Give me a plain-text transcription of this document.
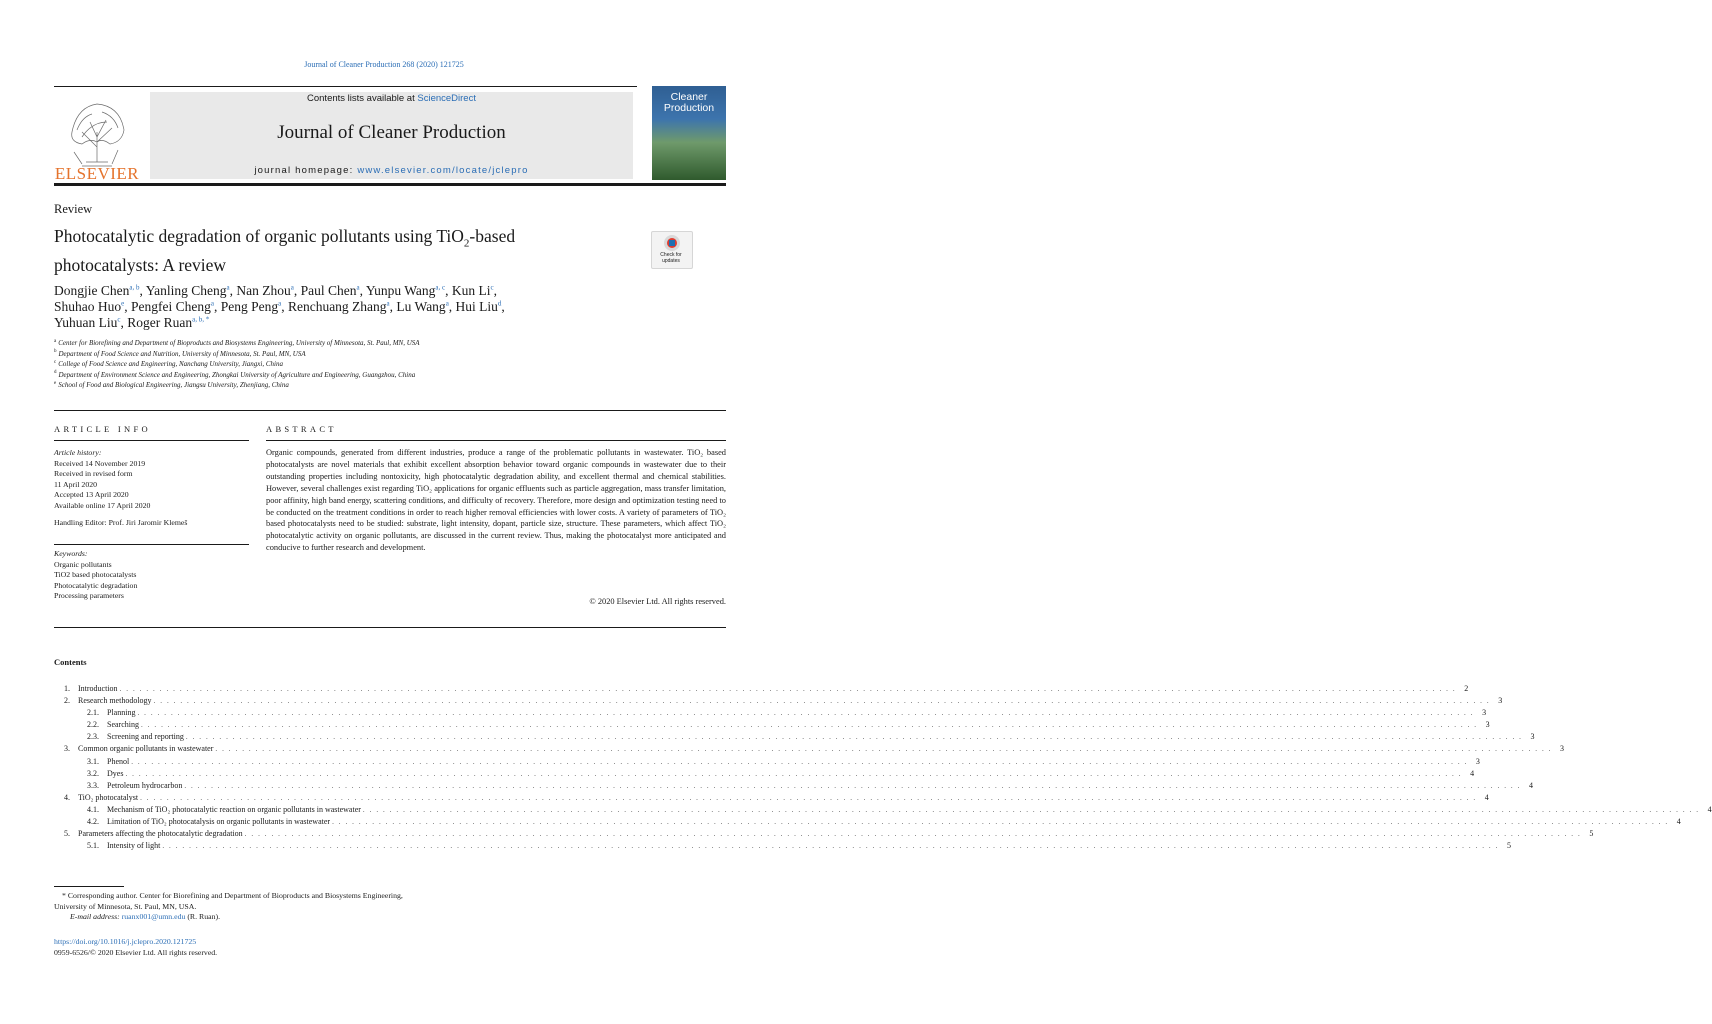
Journal of Cleaner Production 268 (2020) 121725
ELSEVIER
Contents lists available at ScienceDirect
Journal of Cleaner Production
journal homepage: www.elsevier.com/locate/jclepro
Cleaner
Production
Review
Photocatalytic degradation of organic pollutants using TiO$_2$-based photocatalysts: A review	Check for
updates
Dongjie Chen$^{a, b}$, Yanling Cheng$^a$, Nan Zhou$^a$, Paul Chen$^a$, Yunpu Wang$^{a, c}$, Kun Li$^c$,
Shuhao Huo$^e$, Pengfei Cheng$^a$, Peng Peng$^a$, Renchuang Zhang$^a$, Lu Wang$^a$, Hui Liu$^d$,
Yuhuan Liu$^c$, Roger Ruan$^{a, b, *}$
$^a$ Center for Biorefining and Department of Bioproducts and Biosystems Engineering, University of Minnesota, St. Paul, MN, USA
$^b$ Department of Food Science and Nutrition, University of Minnesota, St. Paul, MN, USA
$^c$ College of Food Science and Engineering, Nanchang University, Jiangxi, China
$^d$ Department of Environment Science and Engineering, Zhongkai University of Agriculture and Engineering, Guangzhou, China
$^e$ School of Food and Biological Engineering, Jiangsu University, Zhenjiang, China
ARTICLE INFO
Article history:
Received 14 November 2019
Received in revised form
11 April 2020
Accepted 13 April 2020
Available online 17 April 2020
Handling Editor: Prof. Jiri Jaromir Klemeš
Keywords:
Organic pollutants
TiO2 based photocatalysts
Photocatalytic degradation
Processing parameters
ABSTRACT
Organic compounds, generated from different industries, produce a range of the problematic pollutants in wastewater. TiO₂ based photocatalysts are novel materials that exhibit excellent absorption behavior toward organic compounds in wastewater due to their outstanding properties including nontoxicity, high photocatalytic degradation ability, and excellent thermal and chemical stabilities. However, several challenges exist regarding TiO₂ applications for organic effluents such as particle aggregation, mass transfer limitation, poor affinity, high band energy, scattering conditions, and difficulty of recovery. Therefore, more design and optimization testing need to be conducted on the treatment conditions in order to reach higher removal efficiencies with lower costs. A variety of parameters of TiO₂ based photocatalysts need to be studied: substrate, light intensity, dopant, particle size, structure. These parameters, which affect TiO₂ photocatalytic activity on organic pollutants, are discussed in the current review. Thus, making the photocatalyst more anticipated and conducive to further research and development.
© 2020 Elsevier Ltd. All rights reserved.
Contents
1.	Introduction . . . . . . . . . . . . . . . . . . . . . . . . . . . . . . . . . . . . . . . . . . . . . . . . . . . . . . . . . . . . . . . . . . . . . . . . . . . . . . . . . . . . . . . . . . . . . . . . . . . . . . . . . . . . . . . . . . . . . . . . . . . . . . . . . . . . . . . . . . . . . . . . . . . . . . . . . . . . . . . . . . . . . . . . . . . . . . . . . . . . . . . . . . . . . . . . . . . . . . . .	2
2.	Research methodology . . . . . . . . . . . . . . . . . . . . . . . . . . . . . . . . . . . . . . . . . . . . . . . . . . . . . . . . . . . . . . . . . . . . . . . . . . . . . . . . . . . . . . . . . . . . . . . . . . . . . . . . . . . . . . . . . . . . . . . . . . . . . . . . . . . . . . . . . . . . . . . . . . . . . . . . . . . . . . . . . . . . . . . . . . . . . . . . . . . . . . . . . . . . . . . . . . . . . . . .	3
2.1.	Planning . . . . . . . . . . . . . . . . . . . . . . . . . . . . . . . . . . . . . . . . . . . . . . . . . . . . . . . . . . . . . . . . . . . . . . . . . . . . . . . . . . . . . . . . . . . . . . . . . . . . . . . . . . . . . . . . . . . . . . . . . . . . . . . . . . . . . . . . . . . . . . . . . . . . . . . . . . . . . . . . . . . . . . . . . . . . . . . . . . . . . . . . . . . . . . . . . . . . . . . .	3
2.2.	Searching . . . . . . . . . . . . . . . . . . . . . . . . . . . . . . . . . . . . . . . . . . . . . . . . . . . . . . . . . . . . . . . . . . . . . . . . . . . . . . . . . . . . . . . . . . . . . . . . . . . . . . . . . . . . . . . . . . . . . . . . . . . . . . . . . . . . . . . . . . . . . . . . . . . . . . . . . . . . . . . . . . . . . . . . . . . . . . . . . . . . . . . . . . . . . . . . . . . . . . . .	3
2.3.	Screening and reporting . . . . . . . . . . . . . . . . . . . . . . . . . . . . . . . . . . . . . . . . . . . . . . . . . . . . . . . . . . . . . . . . . . . . . . . . . . . . . . . . . . . . . . . . . . . . . . . . . . . . . . . . . . . . . . . . . . . . . . . . . . . . . . . . . . . . . . . . . . . . . . . . . . . . . . . . . . . . . . . . . . . . . . . . . . . . . . . . . . . . . . . . . . . . . . . . . . . . . . . .	3
3.	Common organic pollutants in wastewater . . . . . . . . . . . . . . . . . . . . . . . . . . . . . . . . . . . . . . . . . . . . . . . . . . . . . . . . . . . . . . . . . . . . . . . . . . . . . . . . . . . . . . . . . . . . . . . . . . . . . . . . . . . . . . . . . . . . . . . . . . . . . . . . . . . . . . . . . . . . . . . . . . . . . . . . . . . . . . . . . . . . . . . . . . . . . . . . . . . . . . . . . . . . . . . . . . . . . . . .	3
3.1.	Phenol . . . . . . . . . . . . . . . . . . . . . . . . . . . . . . . . . . . . . . . . . . . . . . . . . . . . . . . . . . . . . . . . . . . . . . . . . . . . . . . . . . . . . . . . . . . . . . . . . . . . . . . . . . . . . . . . . . . . . . . . . . . . . . . . . . . . . . . . . . . . . . . . . . . . . . . . . . . . . . . . . . . . . . . . . . . . . . . . . . . . . . . . . . . . . . . . . . . . . . . .	3
3.2.	Dyes . . . . . . . . . . . . . . . . . . . . . . . . . . . . . . . . . . . . . . . . . . . . . . . . . . . . . . . . . . . . . . . . . . . . . . . . . . . . . . . . . . . . . . . . . . . . . . . . . . . . . . . . . . . . . . . . . . . . . . . . . . . . . . . . . . . . . . . . . . . . . . . . . . . . . . . . . . . . . . . . . . . . . . . . . . . . . . . . . . . . . . . . . . . . . . . . . . . . . . . .	4
3.3.	Petroleum hydrocarbon . . . . . . . . . . . . . . . . . . . . . . . . . . . . . . . . . . . . . . . . . . . . . . . . . . . . . . . . . . . . . . . . . . . . . . . . . . . . . . . . . . . . . . . . . . . . . . . . . . . . . . . . . . . . . . . . . . . . . . . . . . . . . . . . . . . . . . . . . . . . . . . . . . . . . . . . . . . . . . . . . . . . . . . . . . . . . . . . . . . . . . . . . . . . . . . . . . . . . . . .	4
4.	TiO₂ photocatalyst . . . . . . . . . . . . . . . . . . . . . . . . . . . . . . . . . . . . . . . . . . . . . . . . . . . . . . . . . . . . . . . . . . . . . . . . . . . . . . . . . . . . . . . . . . . . . . . . . . . . . . . . . . . . . . . . . . . . . . . . . . . . . . . . . . . . . . . . . . . . . . . . . . . . . . . . . . . . . . . . . . . . . . . . . . . . . . . . . . . . . . . . . . . . . . . . . . . . . . . .	4
4.1.	Mechanism of TiO₂ photocatalytic reaction on organic pollutants in wastewater . . . . . . . . . . . . . . . . . . . . . . . . . . . . . . . . . . . . . . . . . . . . . . . . . . . . . . . . . . . . . . . . . . . . . . . . . . . . . . . . . . . . . . . . . . . . . . . . . . . . . . . . . . . . . . . . . . . . . . . . . . . . . . . . . . . . . . . . . . . . . . . . . . . . . . . . . . . . . . . . . . . . . . . . . . . . . . . . . . . . . . . . . . . . . . . . . . . . . . . .	4
4.2.	Limitation of TiO₂ photocatalysis on organic pollutants in wastewater . . . . . . . . . . . . . . . . . . . . . . . . . . . . . . . . . . . . . . . . . . . . . . . . . . . . . . . . . . . . . . . . . . . . . . . . . . . . . . . . . . . . . . . . . . . . . . . . . . . . . . . . . . . . . . . . . . . . . . . . . . . . . . . . . . . . . . . . . . . . . . . . . . . . . . . . . . . . . . . . . . . . . . . . . . . . . . . . . . . . . . . . . . . . . . . . . . . . . . . .	4
5.	Parameters affecting the photocatalytic degradation . . . . . . . . . . . . . . . . . . . . . . . . . . . . . . . . . . . . . . . . . . . . . . . . . . . . . . . . . . . . . . . . . . . . . . . . . . . . . . . . . . . . . . . . . . . . . . . . . . . . . . . . . . . . . . . . . . . . . . . . . . . . . . . . . . . . . . . . . . . . . . . . . . . . . . . . . . . . . . . . . . . . . . . . . . . . . . . . . . . . . . . . . . . . . . . . . . . . . . . .	5
5.1.	Intensity of light . . . . . . . . . . . . . . . . . . . . . . . . . . . . . . . . . . . . . . . . . . . . . . . . . . . . . . . . . . . . . . . . . . . . . . . . . . . . . . . . . . . . . . . . . . . . . . . . . . . . . . . . . . . . . . . . . . . . . . . . . . . . . . . . . . . . . . . . . . . . . . . . . . . . . . . . . . . . . . . . . . . . . . . . . . . . . . . . . . . . . . . . . . . . . . . . . . . . . . . .	5
* Corresponding author. Center for Biorefining and Department of Bioproducts and Biosystems Engineering, University of Minnesota, St. Paul, MN, USA.
E-mail address: ruanx001@umn.edu (R. Ruan).
https://doi.org/10.1016/j.jclepro.2020.121725
0959-6526/© 2020 Elsevier Ltd. All rights reserved.
